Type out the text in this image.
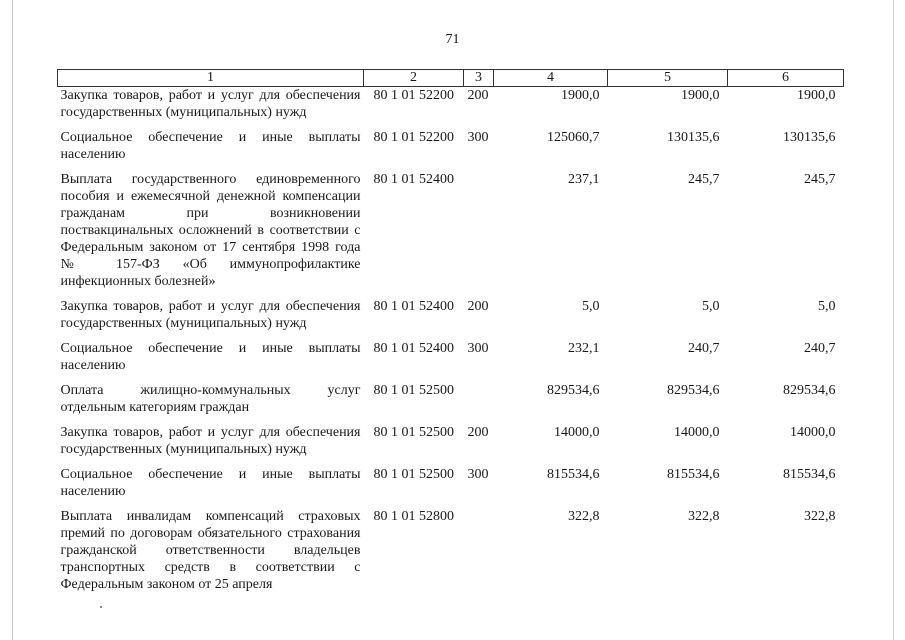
71
1	2	3	4	5	6
Закупка товаров, работ и услуг для обеспечения государственных (муниципальных) нужд	80 1 01 52200	200	1900,0	1900,0	1900,0
Социальное обеспечение и иные выплаты населению	80 1 01 52200	300	125060,7	130135,6	130135,6
Выплата государственного единовременного пособия и ежемесячной денежной компенсации гражданам при возникновении поствакцинальных осложнений в соответствии с Федеральным законом от 17 сентября 1998 года № 157-ФЗ «Об иммунопрофилактике инфекционных болезней»	80 1 01 52400		237,1	245,7	245,7
Закупка товаров, работ и услуг для обеспечения государственных (муниципальных) нужд	80 1 01 52400	200	5,0	5,0	5,0
Социальное обеспечение и иные выплаты населению	80 1 01 52400	300	232,1	240,7	240,7
Оплата жилищно-коммунальных услуг отдельным категориям граждан	80 1 01 52500		829534,6	829534,6	829534,6
Закупка товаров, работ и услуг для обеспечения государственных (муниципальных) нужд	80 1 01 52500	200	14000,0	14000,0	14000,0
Социальное обеспечение и иные выплаты населению	80 1 01 52500	300	815534,6	815534,6	815534,6
Выплата инвалидам компенсаций страховых премий по договорам обязательного страхования гражданской ответственности владельцев транспортных средств в соответствии с Федеральным законом от 25 апреля	80 1 01 52800		322,8	322,8	322,8
